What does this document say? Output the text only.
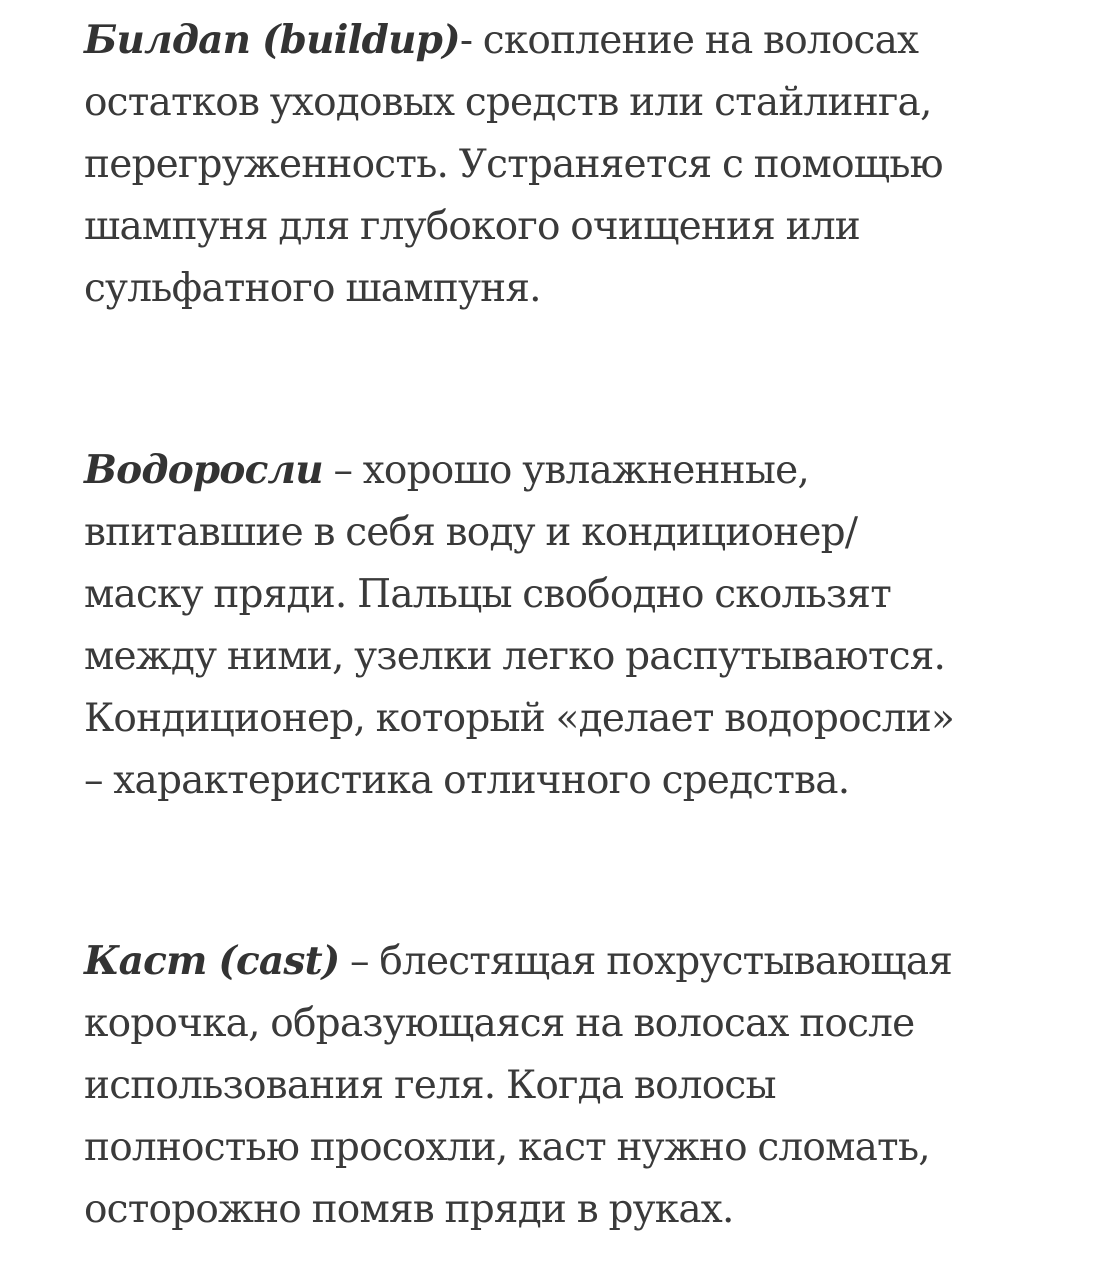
Билдап (buildup)- скопление на волосах
остатков уходовых средств или стайлинга,
перегруженность. Устраняется с помощью
шампуня для глубокого очищения или
сульфатного шампуня.
Водоросли – хорошо увлажненные,
впитавшие в себя воду и кондиционер/
маску пряди. Пальцы свободно скользят
между ними, узелки легко распутываются.
Кондиционер, который «делает водоросли»
– характеристика отличного средства.
Каст (cast) – блестящая похрустывающая
корочка, образующаяся на волосах после
использования геля. Когда волосы
полностью просохли, каст нужно сломать,
осторожно помяв пряди в руках.
